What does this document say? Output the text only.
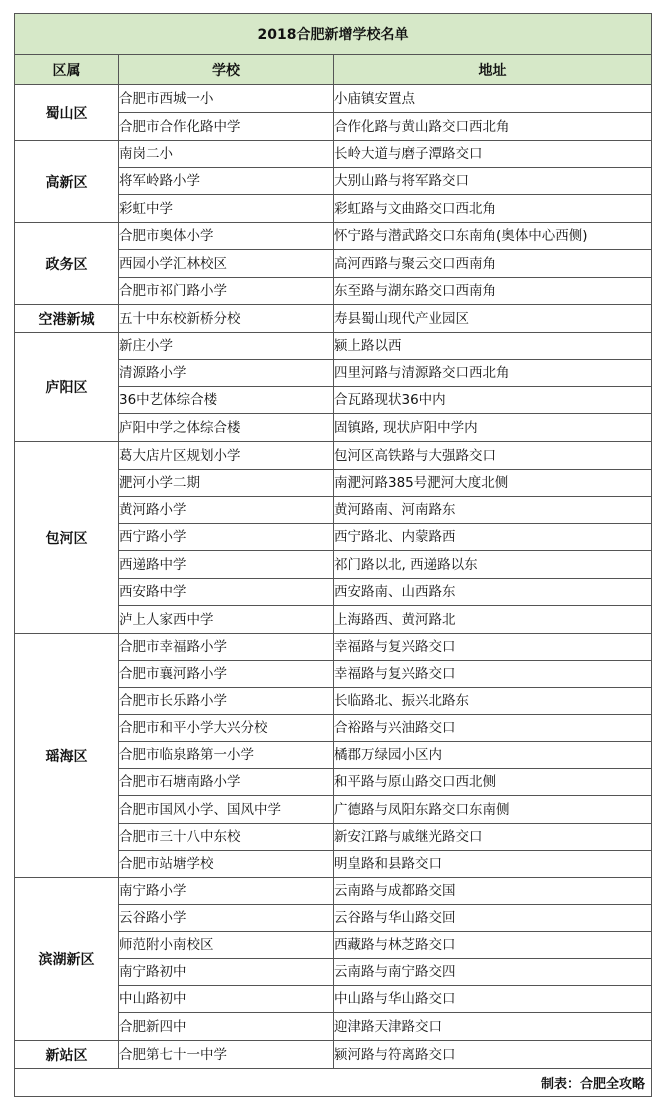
2018合肥新增学校名单		
区属	学校	地址
蜀山区	合肥市西城一小	小庙镇安置点
	合肥市合作化路中学	合作化路与黄山路交口西北角
高新区	南岗二小	长岭大道与磨子潭路交口
	将军岭路小学	大别山路与将军路交口
	彩虹中学	彩虹路与文曲路交口西北角
政务区	合肥市奥体小学	怀宁路与潜武路交口东南角(奥体中心西侧)
	西园小学汇林校区	高河西路与聚云交口西南角
	合肥市祁门路小学	东至路与湖东路交口西南角
空港新城	五十中东校新桥分校	寿县蜀山现代产业园区
庐阳区	新庄小学	颍上路以西
	清源路小学	四里河路与清源路交口西北角
	36中艺体综合楼	合瓦路现状36中内
	庐阳中学之体综合楼	固镇路, 现状庐阳中学内
包河区	葛大店片区规划小学	包河区高铁路与大强路交口
	淝河小学二期	南淝河路385号淝河大度北侧
	黄河路小学	黄河路南、河南路东
	西宁路小学	西宁路北、内蒙路西
	西递路中学	祁门路以北, 西递路以东
	西安路中学	西安路南、山西路东
	泸上人家西中学	上海路西、黄河路北
瑶海区	合肥市幸福路小学	幸福路与复兴路交口
	合肥市襄河路小学	幸福路与复兴路交口
	合肥市长乐路小学	长临路北、振兴北路东
	合肥市和平小学大兴分校	合裕路与兴油路交口
	合肥市临泉路第一小学	橘郡万绿园小区内
	合肥市石塘南路小学	和平路与原山路交口西北侧
	合肥市国风小学、国风中学	广德路与凤阳东路交口东南侧
	合肥市三十八中东校	新安江路与戚继光路交口
	合肥市站塘学校	明皇路和县路交口
滨湖新区	南宁路小学	云南路与成都路交国
	云谷路小学	云谷路与华山路交回
	师范附小南校区	西藏路与林芝路交口
	南宁路初中	云南路与南宁路交四
	中山路初中	中山路与华山路交口
	合肥新四中	迎津路天津路交口
新站区	合肥第七十一中学	颍河路与符离路交口
制表：合肥全攻略		
